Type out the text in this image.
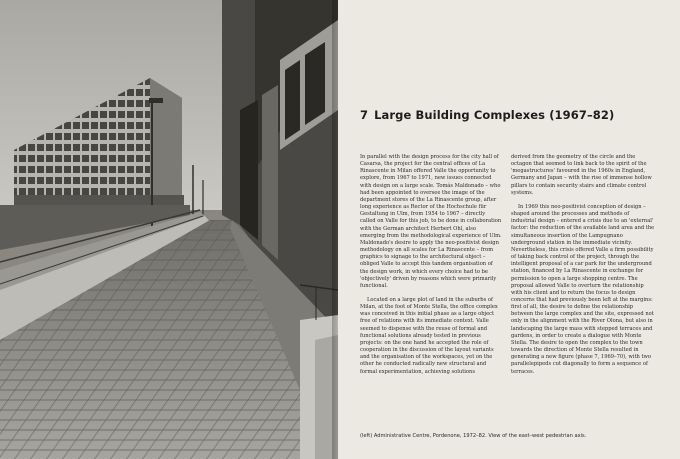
7 Large Building Complexes (1967–82)

In parallel with the design process for the city hall of Casarsa, the project for the central offices of La Rinascente in Milan offered Valle the opportunity to explore, from 1967 to 1971, new issues connected with design on a large scale. Tomás Maldonado – who had been appointed to oversee the image of the department stores of the La Rinascente group, after long experience as Rector of the Hochschule für Gestaltung in Ulm, from 1954 to 1967 – directly called on Valle for this job, to be done in collaboration with the German architect Herbert Ohl, also emerging from the methodological experience of Ulm. Maldonado's desire to apply the neo-positivist design methodology on all scales for La Rinascente – from graphics to signage to the architectural object – obliged Valle to accept this tandem organisation of the design work, in which every choice had to be 'objectively' driven by reasons which were primarily functional.

Located on a large plot of land in the suburbs of Milan, at the foot of Monte Stella, the office complex was conceived in this initial phase as a large object free of relations with its immediate context. Valle seemed to dispense with the reuse of formal and functional solutions already tested in previous projects: on the one hand he accepted the role of cooperation in the discussion of the layout variants and the organisation of the workspaces, yet on the other he conducted radically new structural and formal experimentation, achieving solutions

derived from the geometry of the circle and the octagon that seemed to link back to the spirit of the 'megastructures' favoured in the 1960s in England, Germany and Japan – with the rise of immense hollow pillars to contain security stairs and climate control systems.

In 1969 this neo-positivist conception of design – shaped around the processes and methods of industrial design – entered a crisis due to an 'external' factor: the reduction of the available land area and the simultaneous insertion of the Lampugnano underground station in the immediate vicinity. Nevertheless, this crisis offered Valle a firm possibility of taking back control of the project, through the intelligent proposal of a car park for the underground station, financed by La Rinascente in exchange for permission to open a large shopping centre. The proposal allowed Valle to overturn the relationship with his client and to return the focus to design concerns that had previously been left at the margins: first of all, the desire to define the relationship between the large complex and the site, expressed not only in the alignment with the River Olona, but also in landscaping the large mass with stepped terraces and gardens, in order to create a dialogue with Monte Stella. The desire to open the complex to the town towards the direction of Monte Stella resulted in generating a new figure (phase 7, 1969–70), with two parallelepipeds cut diagonally to form a sequence of terraces.

(left) Administrative Centre, Pordenone, 1972–82. View of the east–west pedestrian axis.
